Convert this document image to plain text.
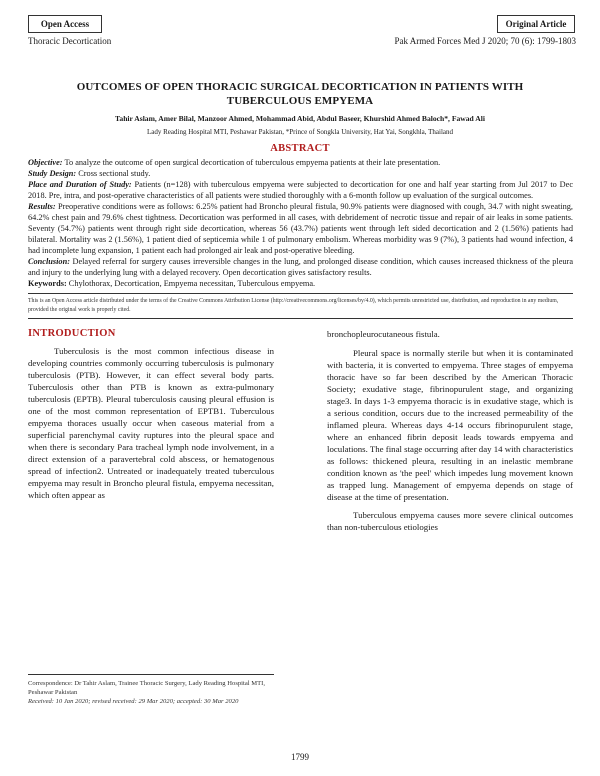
Open Access	Original Article
Thoracic Decortication	Pak Armed Forces Med J 2020; 70 (6): 1799-1803
OUTCOMES OF OPEN THORACIC SURGICAL DECORTICATION IN PATIENTS WITH TUBERCULOUS EMPYEMA
Tahir Aslam, Amer Bilal, Manzoor Ahmed, Mohammad Abid, Abdul Baseer, Khurshid Ahmed Baloch*, Fawad Ali
Lady Reading Hospital MTI, Peshawar Pakistan, *Prince of Songkla University, Hat Yai, Songkhla, Thailand
ABSTRACT

Objective: To analyze the outcome of open surgical decortication of tuberculous empyema patients at their late presentation.

Study Design: Cross sectional study.

Place and Duration of Study: Patients (n=128) with tuberculous empyema were subjected to decortication for one and half year starting from Jul 2017 to Dec 2018. Pre, intra, and post-operative characteristics of all patients were studied thoroughly with a 6-month follow up evaluation of the surgical outcomes.

Results: Preoperative conditions were as follows: 6.25% patient had Broncho pleural fistula, 90.9% patients were diagnosed with cough, 34.7 with night sweating, 64.2% chest pain and 79.6% chest tightness. Decortication was performed in all cases, with debridement of necrotic tissue and repair of air leaks in some patients. Seventy (54.7%) patients went through right side decortication, whereas 56 (43.7%) patients went through left sided decortication and 2 (1.56%) patients had bilateral. Mortality was 2 (1.56%), 1 patient died of septicemia while 1 of pulmonary embolism. Whereas morbidity was 9 (7%), 3 patients had wound infection, 4 had incomplete lung expansion, 1 patient each had prolonged air leak and post-operative bleeding.

Conclusion: Delayed referral for surgery causes irreversible changes in the lung, and prolonged disease condition, which causes increased thickness of the pleura and injury to the underlying lung with a delayed recovery. Open decortication gives satisfactory results.

Keywords: Chylothorax, Decortication, Empyema necessitan, Tuberculous empyema.

This is an Open Access article distributed under the terms of the Creative Commons Attribution License (http://creativecommons.org/licenses/by/4.0), which permits unrestricted use, distribution, and reproduction in any medium, provided the original work is properly cited.
INTRODUCTION

Tuberculosis is the most common infectious disease in developing countries commonly occurring tuberculosis is pulmonary tuberculosis (PTB). However, it can effect several body parts. Tuberculosis other than PTB is known as extra-pulmonary tuberculosis (EPTB). Pleural tuberculosis causing pleural effusion is one of the most common representation of EPTB1. Tuberculous empyema thoraces usually occur when caseous material from a superficial parenchymal cavity ruptures into the pleural space and when there is secondary Para tracheal lymph node involvement, in a direct extension of a paravertebral cold abscess, or hematogenous spread of infection2. Untreated or inadequately treated tuberculous empyema may result in Broncho pleural fistula, empyema necessitan, which often appear as

bronchopleurocutaneous fistula.

Pleural space is normally sterile but when it is contaminated with bacteria, it is converted to empyema. Three stages of empyema thoracic have so far been described by the American Thoracic Society; exudative stage, fibrinopurulent stage, and organizing stage3. In days 1-3 empyema thoracic is in exudative stage, which is a serious condition, occurs due to the increased permeability of the inflamed pleura. Whereas days 4-14 occurs fibrinopurulent stage, where an enhanced fibrin deposit leads towards empyema and loculations. The final stage occurring after day 14 with characteristics as follows: thickened pleura, resulting in an inelastic membrane condition known as 'the peel' which impedes lung movement known as trapped lung. Management of empyema depends on stage of disease at the time of presentation.

Tuberculous empyema causes more severe clinical outcomes than non-tuberculous etiologies

Correspondence: Dr Tahir Aslam, Trainee Thoracic Surgery, Lady Reading Hospital MTI, Peshawar Pakistan
Received: 10 Jan 2020; revised received: 29 Mar 2020; accepted: 30 Mar 2020
1799
